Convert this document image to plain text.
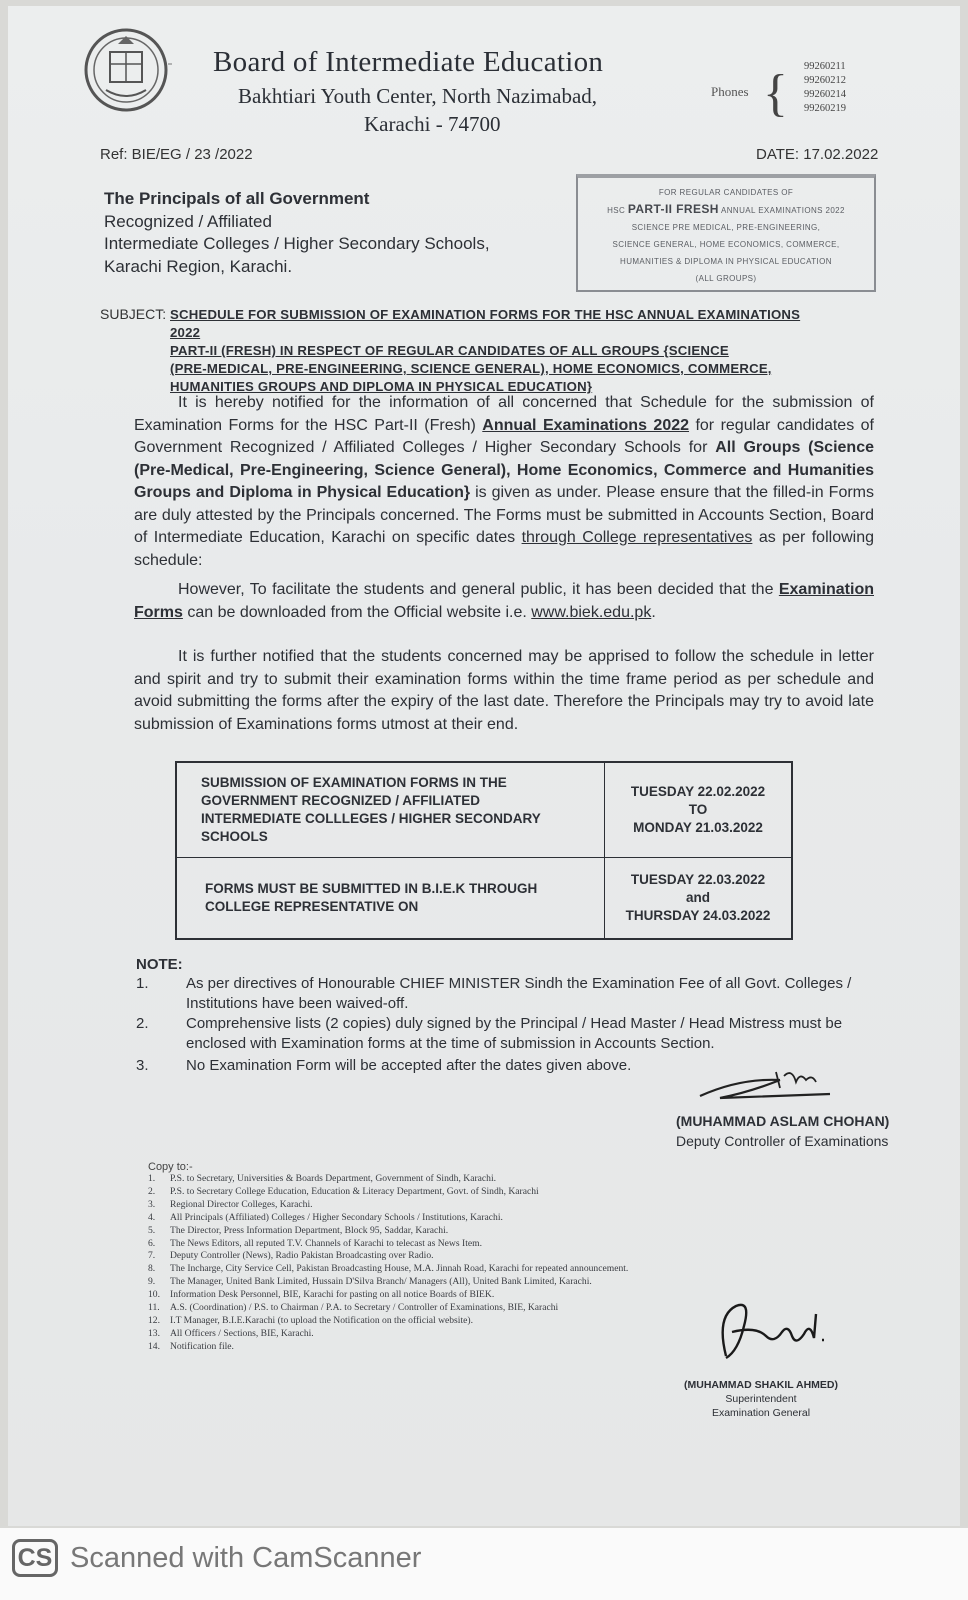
Board of Intermediate Education
Bakhtiari Youth Center, North Nazimabad,
Karachi - 74700
Phones { 99260211
99260212
99260214
99260219
Ref: BIE/EG / 23 /2022	DATE: 17.02.2022
The Principals of all Government
Recognized / Affiliated
Intermediate Colleges / Higher Secondary Schools,
Karachi Region, Karachi.
FOR REGULAR CANDIDATES OF
HSC PART-II FRESH ANNUAL EXAMINATIONS 2022
SCIENCE PRE MEDICAL, PRE-ENGINEERING,
SCIENCE GENERAL, HOME ECONOMICS, COMMERCE,
HUMANITIES & DIPLOMA IN PHYSICAL EDUCATION
(ALL GROUPS)
SUBJECT: SCHEDULE FOR SUBMISSION OF EXAMINATION FORMS FOR THE HSC ANNUAL EXAMINATIONS 2022
PART-II (FRESH) IN RESPECT OF REGULAR CANDIDATES OF ALL GROUPS {SCIENCE
(PRE-MEDICAL, PRE-ENGINEERING, SCIENCE GENERAL), HOME ECONOMICS, COMMERCE,
HUMANITIES GROUPS AND DIPLOMA IN PHYSICAL EDUCATION}
It is hereby notified for the information of all concerned that Schedule for the submission of Examination Forms for the HSC Part-II (Fresh) Annual Examinations 2022 for regular candidates of Government Recognized / Affiliated Colleges / Higher Secondary Schools for All Groups (Science (Pre-Medical, Pre-Engineering, Science General), Home Economics, Commerce and Humanities Groups and Diploma in Physical Education} is given as under. Please ensure that the filled-in Forms are duly attested by the Principals concerned. The Forms must be submitted in Accounts Section, Board of Intermediate Education, Karachi on specific dates through College representatives as per following schedule:
However, To facilitate the students and general public, it has been decided that the Examination Forms can be downloaded from the Official website i.e. www.biek.edu.pk.
It is further notified that the students concerned may be apprised to follow the schedule in letter and spirit and try to submit their examination forms within the time frame period as per schedule and avoid submitting the forms after the expiry of the last date. Therefore the Principals may try to avoid late submission of Examinations forms utmost at their end.
SUBMISSION OF EXAMINATION FORMS IN THE GOVERNMENT RECOGNIZED / AFFILIATED INTERMEDIATE COLLLEGES / HIGHER SECONDARY SCHOOLS	TUESDAY 22.02.2022
TO
MONDAY 21.03.2022

FORMS MUST BE SUBMITTED IN B.I.E.K THROUGH COLLEGE REPRESENTATIVE ON	TUESDAY 22.03.2022
and
THURSDAY 24.03.2022
NOTE:
1. As per directives of Honourable CHIEF MINISTER Sindh the Examination Fee of all Govt. Colleges / Institutions have been waived-off.
2. Comprehensive lists (2 copies) duly signed by the Principal / Head Master / Head Mistress must be enclosed with Examination forms at the time of submission in Accounts Section.
3. No Examination Form will be accepted after the dates given above.
(MUHAMMAD ASLAM CHOHAN)
Deputy Controller of Examinations
Copy to:-
1. P.S. to Secretary, Universities & Boards Department, Government of Sindh, Karachi.
2. P.S. to Secretary College Education, Education & Literacy Department, Govt. of Sindh, Karachi
3. Regional Director Colleges, Karachi.
4. All Principals (Affiliated) Colleges / Higher Secondary Schools / Institutions, Karachi.
5. The Director, Press Information Department, Block 95, Saddar, Karachi.
6. The News Editors, all reputed T.V. Channels of Karachi to telecast as News Item.
7. Deputy Controller (News), Radio Pakistan Broadcasting over Radio.
8. The Incharge, City Service Cell, Pakistan Broadcasting House, M.A. Jinnah Road, Karachi for repeated announcement.
9. The Manager, United Bank Limited, Hussain D'Silva Branch/ Managers (All), United Bank Limited, Karachi.
10. Information Desk Personnel, BIE, Karachi for pasting on all notice Boards of BIEK.
11. A.S. (Coordination) / P.S. to Chairman / P.A. to Secretary / Controller of Examinations, BIE, Karachi
12. I.T Manager, B.I.E.Karachi (to upload the Notification on the official website).
13. All Officers / Sections, BIE, Karachi.
14. Notification file.
(MUHAMMAD SHAKIL AHMED)
Superintendent
Examination General
CS Scanned with CamScanner
